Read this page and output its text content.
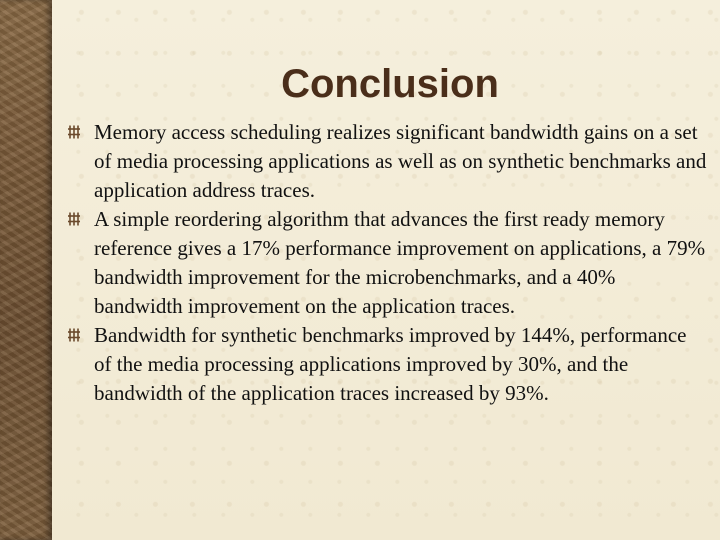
Conclusion
Memory access scheduling realizes significant bandwidth gains on a set of media processing applications as well as on synthetic benchmarks and application address traces.
A simple reordering algorithm that advances the first ready memory reference gives a 17% performance improvement on applications, a 79% bandwidth improvement for the microbenchmarks, and a 40% bandwidth improvement on the application traces.
Bandwidth for synthetic benchmarks improved by 144%, performance of the media processing applications improved by 30%, and the bandwidth of the application traces increased by 93%.
